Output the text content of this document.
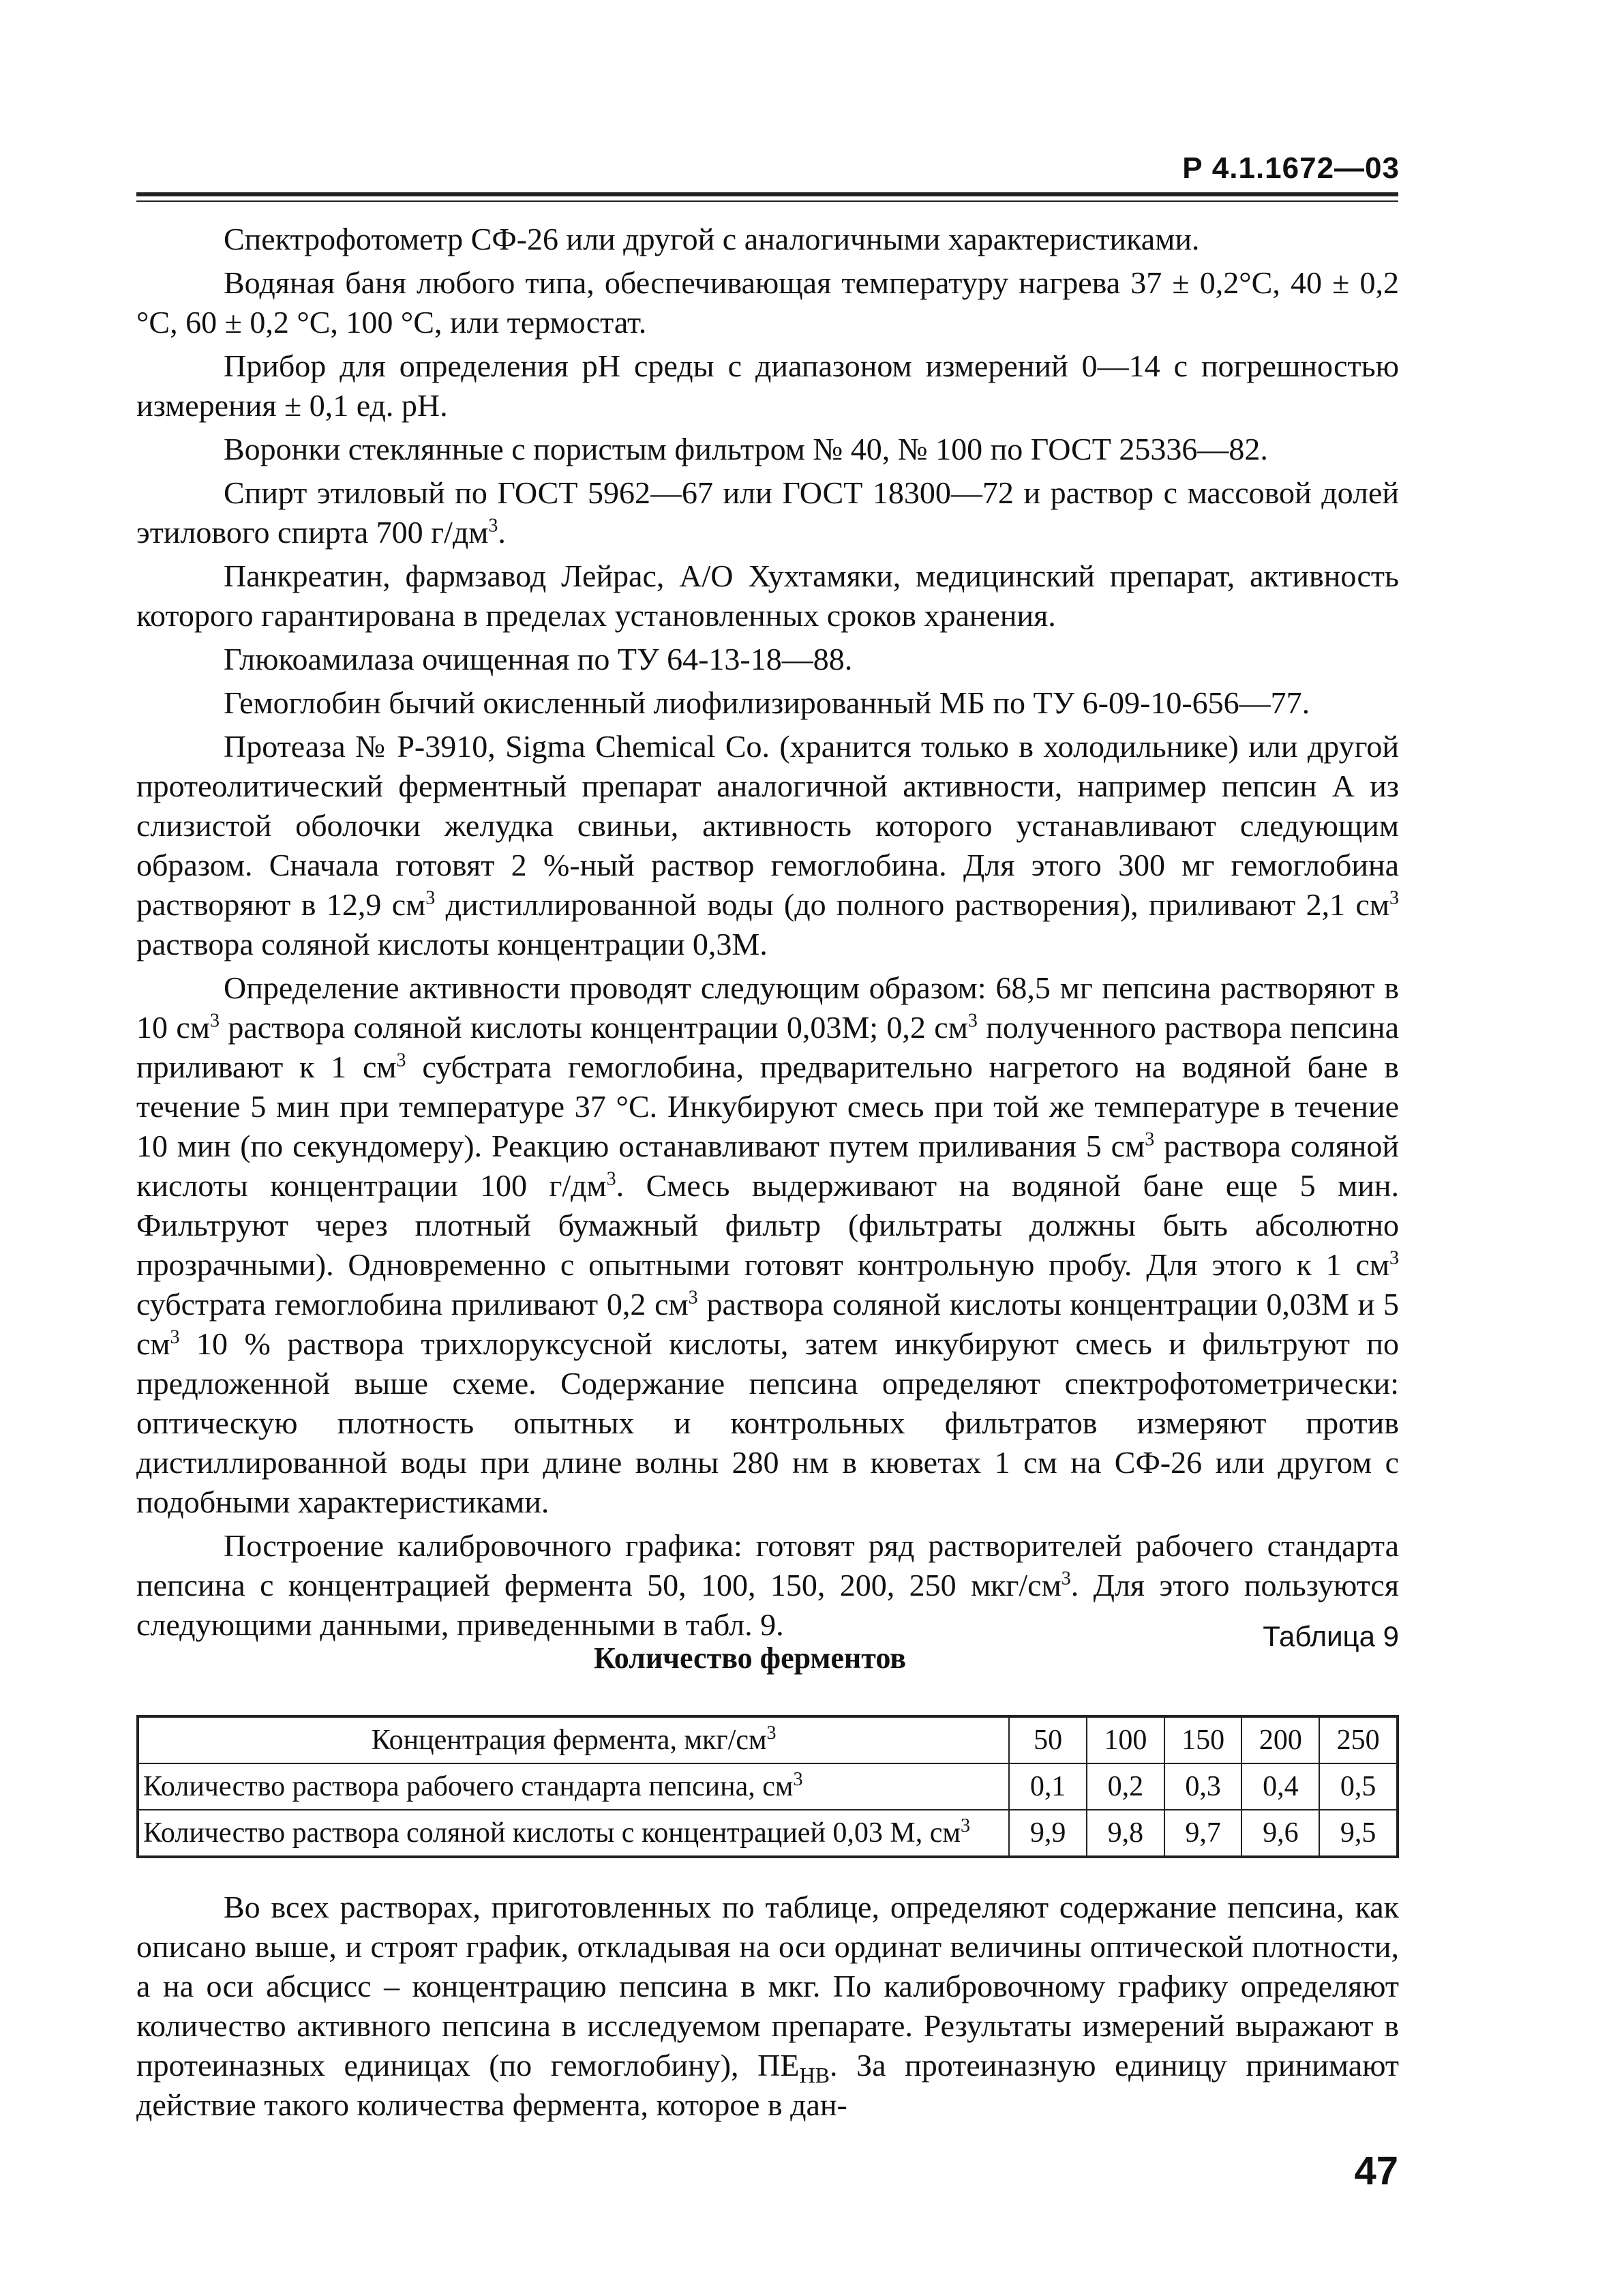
Р 4.1.1672—03

Спектрофотометр СФ-26 или другой с аналогичными характеристиками.

Водяная баня любого типа, обеспечивающая температуру нагрева 37 ± 0,2°С, 40 ± 0,2 °С, 60 ± 0,2 °С, 100 °С, или термостат.

Прибор для определения pH среды с диапазоном измерений 0—14 с погрешностью измерения ± 0,1 ед. pH.

Воронки стеклянные с пористым фильтром № 40, № 100 по ГОСТ 25336—82.

Спирт этиловый по ГОСТ 5962—67 или ГОСТ 18300—72 и раствор с массовой долей этилового спирта 700 $г/дм^3$.

Панкреатин, фармзавод Лейрас, А/О Хухтамяки, медицинский препарат, активность которого гарантирована в пределах установленных сроков хранения.

Глюкоамилаза очищенная по ТУ 64-13-18—88.

Гемоглобин бычий окисленный лиофилизированный МБ по ТУ 6-09-10-656—77.

Протеаза № Р-3910, Sigma Chemical Co. (хранится только в холодильнике) или другой протеолитический ферментный препарат аналогичной активности, например пепсин А из слизистой оболочки желудка свиньи, активность которого устанавливают следующим образом. Сначала готовят 2 %-ный раствор гемоглобина. Для этого 300 мг гемоглобина растворяют в 12,9 $см^3$ дистиллированной воды (до полного растворения), приливают 2,1 $см^3$ раствора соляной кислоты концентрации 0,3М.

Определение активности проводят следующим образом: 68,5 мг пепсина растворяют в 10 $см^3$ раствора соляной кислоты концентрации 0,03М; 0,2 $см^3$ полученного раствора пепсина приливают к 1 $см^3$ субстрата гемоглобина, предварительно нагретого на водяной бане в течение 5 мин при температуре 37 °С. Инкубируют смесь при той же температуре в течение 10 мин (по секундомеру). Реакцию останавливают путем приливания 5 $см^3$ раствора соляной кислоты концентрации 100 $г/дм^3$. Смесь выдерживают на водяной бане еще 5 мин. Фильтруют через плотный бумажный фильтр (фильтраты должны быть абсолютно прозрачными). Одновременно с опытными готовят контрольную пробу. Для этого к 1 $см^3$ субстрата гемоглобина приливают 0,2 $см^3$ раствора соляной кислоты концентрации 0,03М и 5 $см^3$ 10 % раствора трихлоруксусной кислоты, затем инкубируют смесь и фильтруют по предложенной выше схеме. Содержание пепсина определяют спектрофотометрически: оптическую плотность опытных и контрольных фильтратов измеряют против дистиллированной воды при длине волны 280 нм в кюветах 1 см на СФ-26 или другом с подобными характеристиками.

Построение калибровочного графика: готовят ряд растворителей рабочего стандарта пепсина с концентрацией фермента 50, 100, 150, 200, 250 мкг/$см^3$. Для этого пользуются следующими данными, приведенными в табл. 9.	Таблица 9
Количество ферментов
Концентрация фермента, мкг/$см^3$	50	100	150	200	250
Количество раствора рабочего стандарта пепсина, $см^3$	0,1	0,2	0,3	0,4	0,5
Количество раствора соляной кислоты с концентрацией 0,03 М, $см^3$	9,9	9,8	9,7	9,6	9,5

Во всех растворах, приготовленных по таблице, определяют содержание пепсина, как описано выше, и строят график, откладывая на оси ординат величины оптической плотности, а на оси абсцисс – концентрацию пепсина в мкг. По калибровочному графику определяют количество активного пепсина в исследуемом препарате. Результаты измерений выражают в протеиназных единицах (по гемоглобину), $ПЕ_{НВ}$. За протеиназную единицу принимают действие такого количества фермента, которое в дан-

47
